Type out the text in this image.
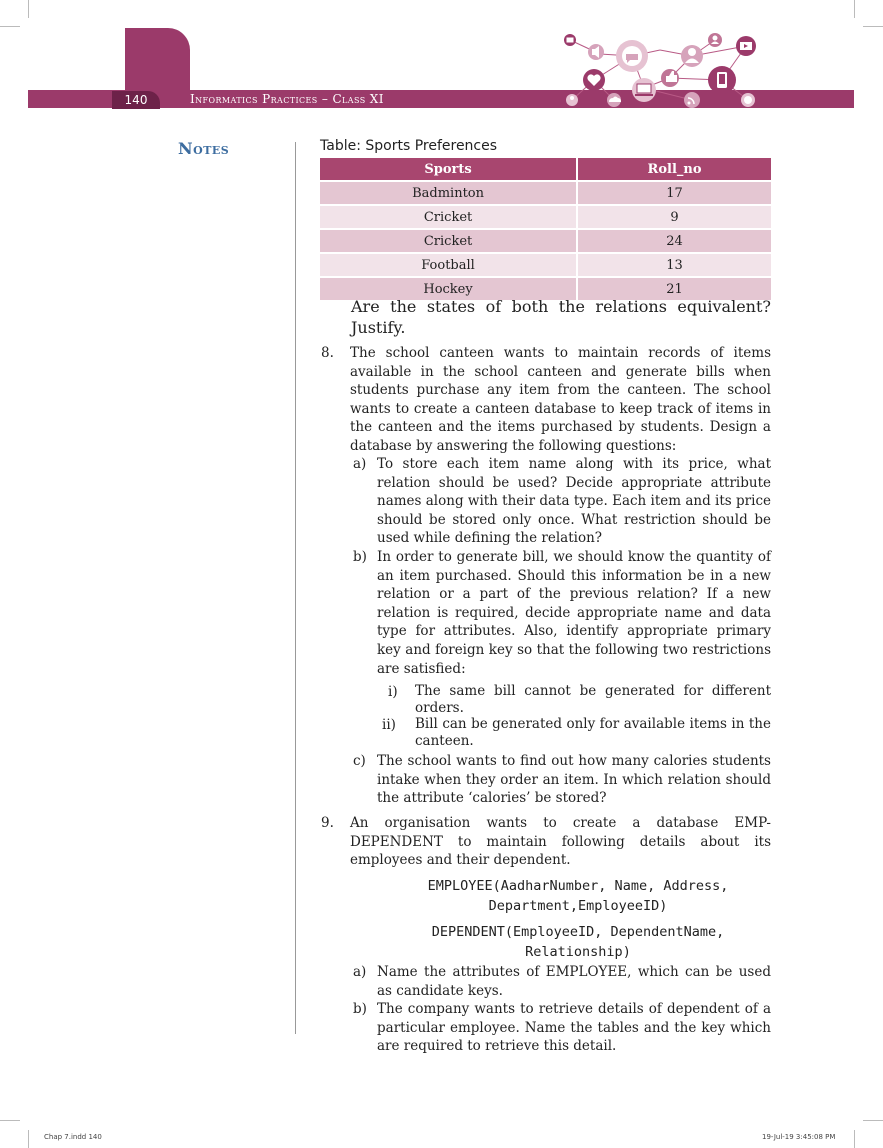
140	Informatics Practices – Class XI
Notes	Table: Sports Preferences
Sports	Roll_no
Badminton	17
Cricket	9
Cricket	24
Football	13
Hockey	21
Are the states of both the relations equivalent? Justify.
8. The school canteen wants to maintain records of items available in the school canteen and generate bills when students purchase any item from the canteen. The school wants to create a canteen database to keep track of items in the canteen and the items purchased by students. Design a database by answering the following questions:
a) To store each item name along with its price, what relation should be used? Decide appropriate attribute names along with their data type. Each item and its price should be stored only once. What restriction should be used while defining the relation?
b) In order to generate bill, we should know the quantity of an item purchased. Should this information be in a new relation or a part of the previous relation? If a new relation is required, decide appropriate name and data type for attributes. Also, identify appropriate primary key and foreign key so that the following two restrictions are satisfied:
i) The same bill cannot be generated for different orders.
ii) Bill can be generated only for available items in the canteen.
c) The school wants to find out how many calories students intake when they order an item. In which relation should the attribute ‘calories’ be stored?
9. An organisation wants to create a database EMP-DEPENDENT to maintain following details about its employees and their dependent.
EMPLOYEE(AadharNumber, Name, Address,
Department,EmployeeID)
DEPENDENT(EmployeeID, DependentName,
Relationship)
a) Name the attributes of EMPLOYEE, which can be used as candidate keys.
b) The company wants to retrieve details of dependent of a particular employee. Name the tables and the key which are required to retrieve this detail.
Chap 7.indd 140	19-Jul-19 3:45:08 PM
